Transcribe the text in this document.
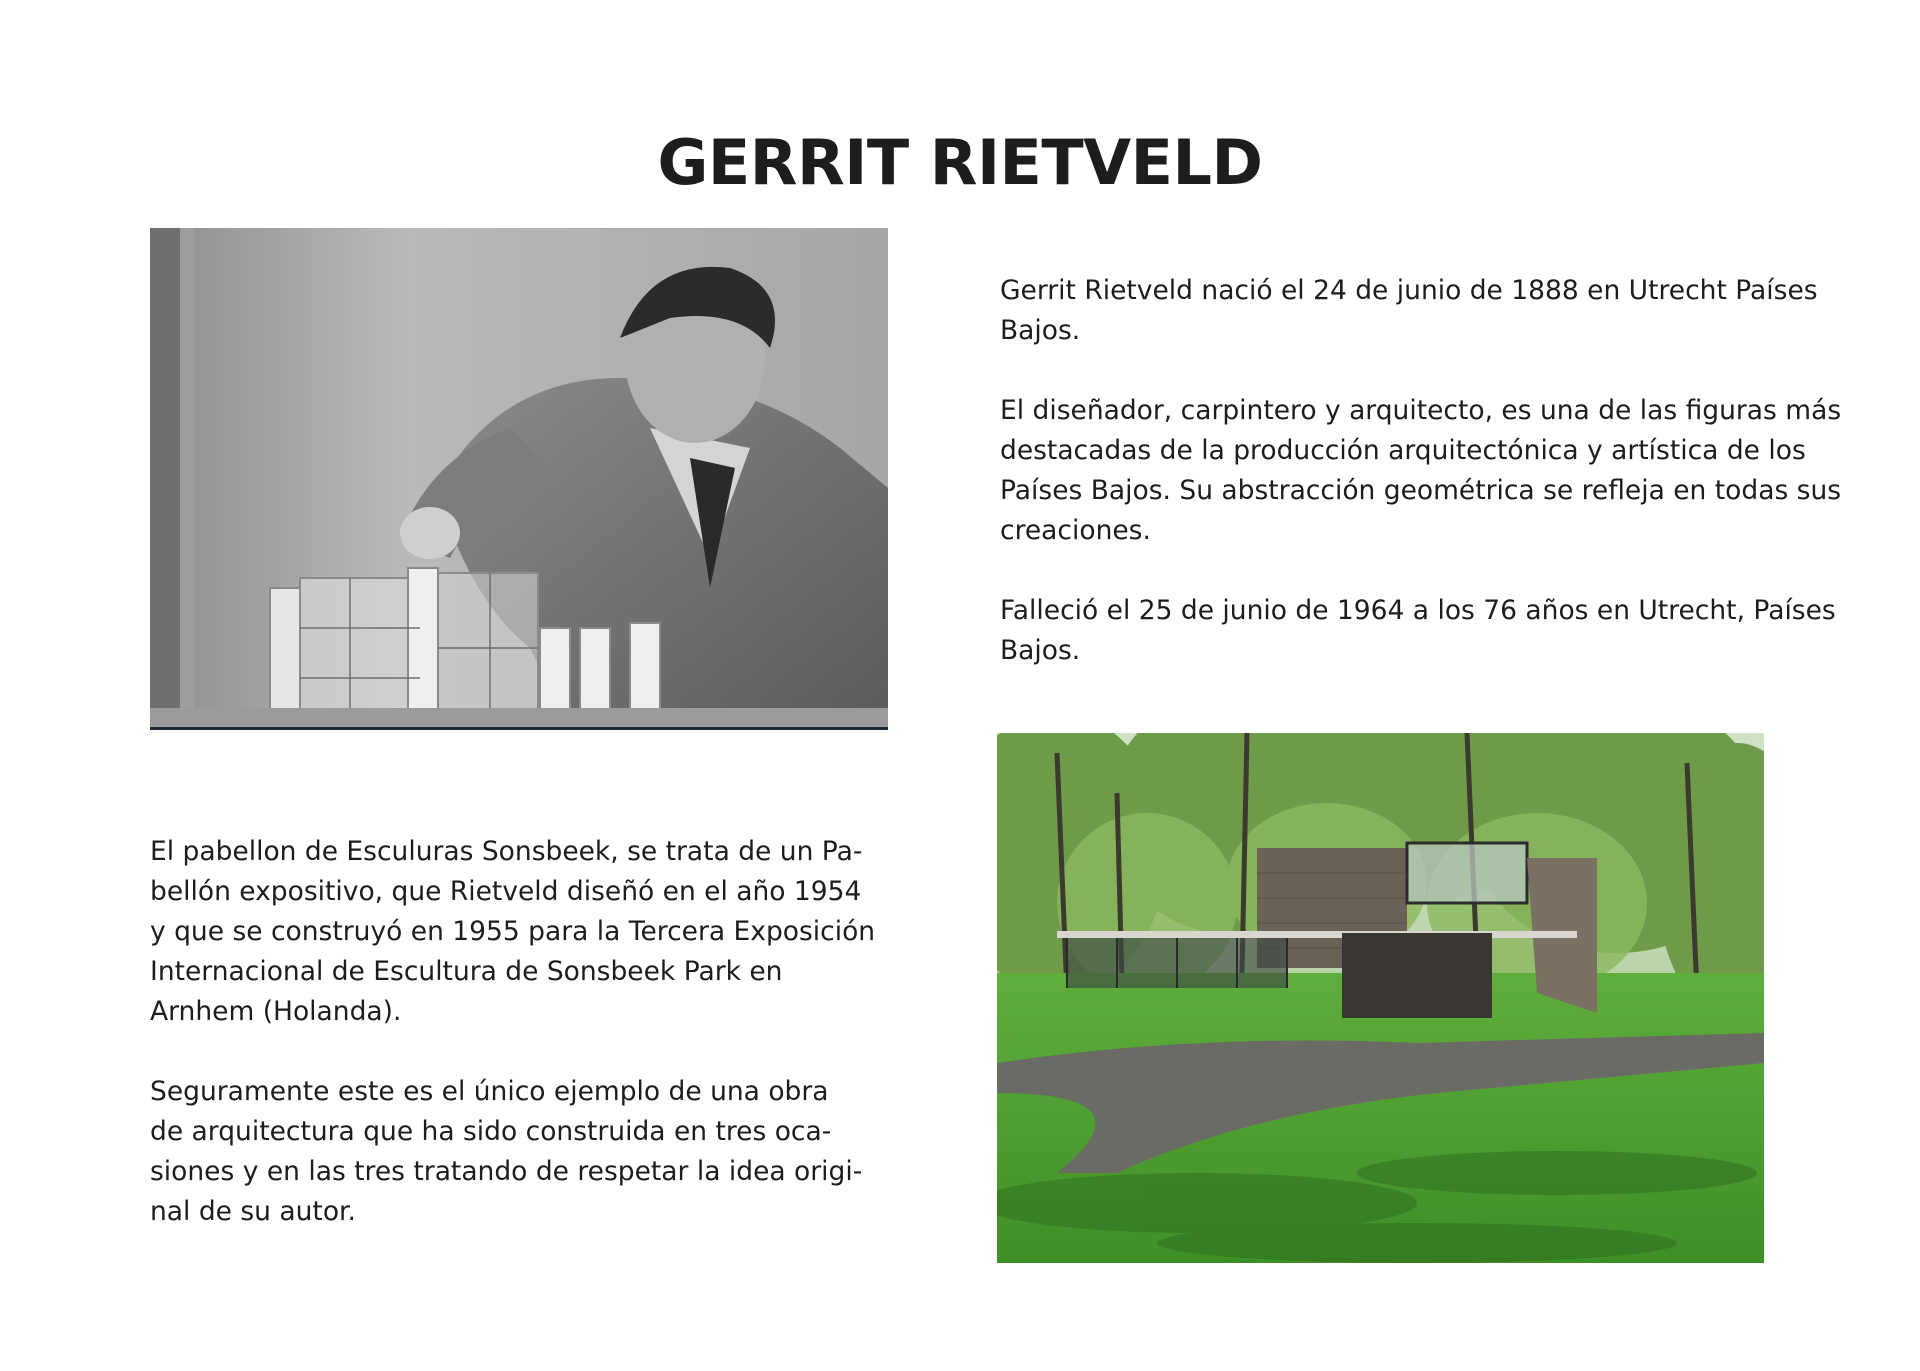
GERRIT RIETVELD

Gerrit Rietveld nació el 24 de junio de 1888 en Utrecht Países
Bajos.

El diseñador, carpintero y arquitecto, es una de las figuras más
destacadas de la producción arquitectónica y artística de los
Países Bajos. Su abstracción geométrica se refleja en todas sus
creaciones.

Falleció el 25 de junio de 1964 a los 76 años en Utrecht, Países
Bajos.

El pabellon de Esculuras Sonsbeek, se trata de un Pa-
bellón expositivo, que Rietveld diseñó en el año 1954
y que se construyó en 1955 para la Tercera Exposición
Internacional de Escultura de Sonsbeek Park en
Arnhem (Holanda).

Seguramente este es el único ejemplo de una obra
de arquitectura que ha sido construida en tres oca-
siones y en las tres tratando de respetar la idea origi-
nal de su autor.
